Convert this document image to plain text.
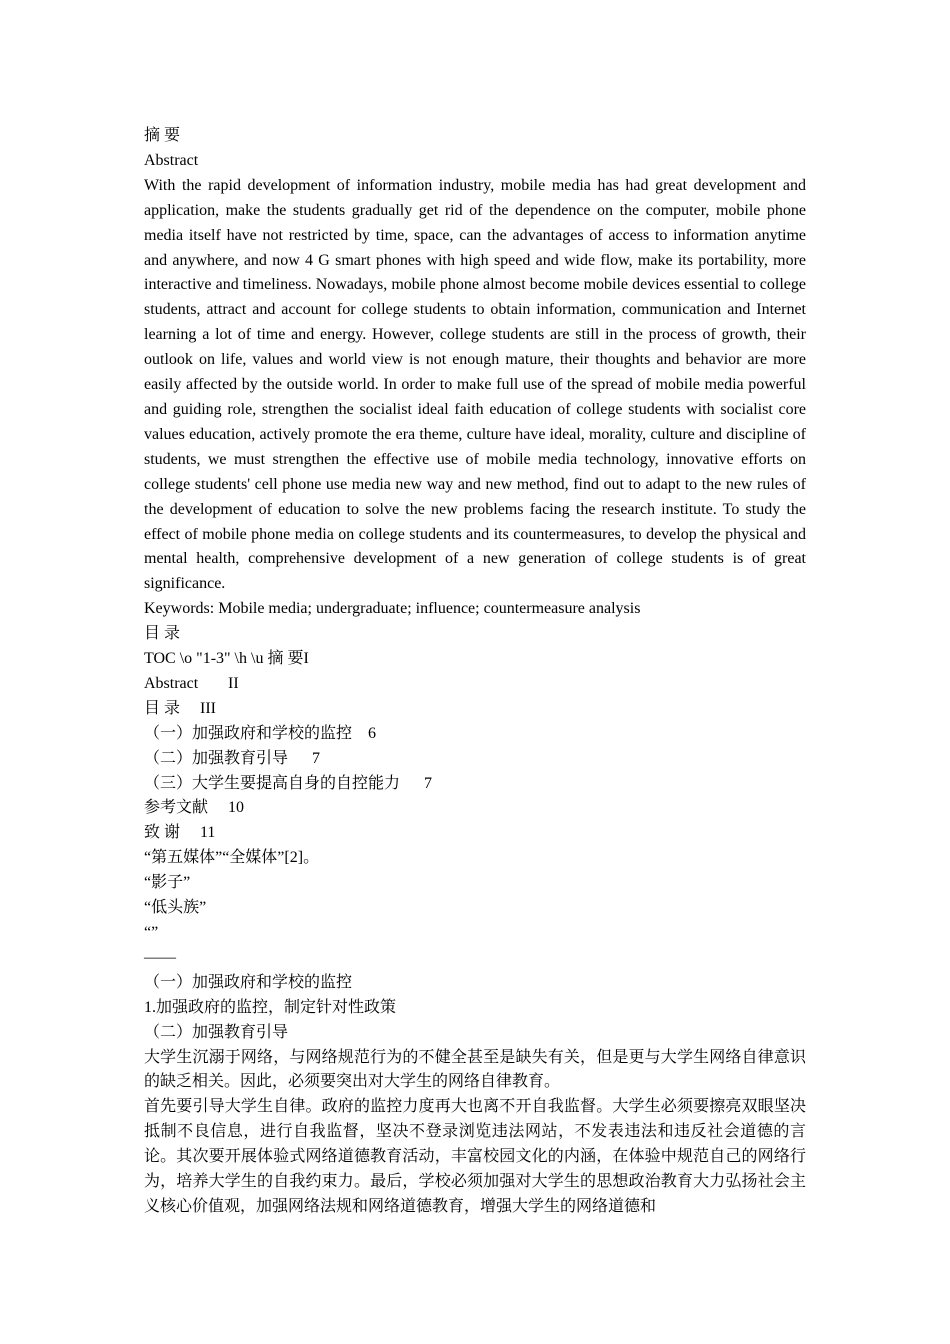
摘 要
Abstract
With the rapid development of information industry, mobile media has had great development and application, make the students gradually get rid of the dependence on the computer, mobile phone media itself have not restricted by time, space, can the advantages of access to information anytime and anywhere, and now 4 G smart phones with high speed and wide flow, make its portability, more interactive and timeliness. Nowadays, mobile phone almost become mobile devices essential to college students, attract and account for college students to obtain information, communication and Internet learning a lot of time and energy. However, college students are still in the process of growth, their outlook on life, values and world view is not enough mature, their thoughts and behavior are more easily affected by the outside world. In order to make full use of the spread of mobile media powerful and guiding role, strengthen the socialist ideal faith education of college students with socialist core values education, actively promote the era theme, culture have ideal, morality, culture and discipline of students, we must strengthen the effective use of mobile media technology, innovative efforts on college students' cell phone use media new way and new method, find out to adapt to the new rules of the development of education to solve the new problems facing the research institute. To study the effect of mobile phone media on college students and its countermeasures, to develop the physical and mental health, comprehensive development of a new generation of college students is of great significance.
Keywords: Mobile media; undergraduate; influence; countermeasure analysis
目 录
TOC \o "1-3" \h \u 摘 要I
Abstract	II
目 录	III
（一）加强政府和学校的监控	6
（二）加强教育引导	7
（三）大学生要提高自身的自控能力	7
参考文献	10
致 谢	11
“第五媒体”“全媒体”[2]。
“影子”
“低头族”
“”
——
（一）加强政府和学校的监控
1.加强政府的监控，制定针对性政策
（二）加强教育引导
大学生沉溺于网络，与网络规范行为的不健全甚至是缺失有关，但是更与大学生网络自律意识的缺乏相关。因此，必须要突出对大学生的网络自律教育。
首先要引导大学生自律。政府的监控力度再大也离不开自我监督。大学生必须要擦亮双眼坚决抵制不良信息，进行自我监督，坚决不登录浏览违法网站，不发表违法和违反社会道德的言论。其次要开展体验式网络道德教育活动，丰富校园文化的内涵，在体验中规范自己的网络行为，培养大学生的自我约束力。最后，学校必须加强对大学生的思想政治教育大力弘扬社会主义核心价值观，加强网络法规和网络道德教育，增强大学生的网络道德和
